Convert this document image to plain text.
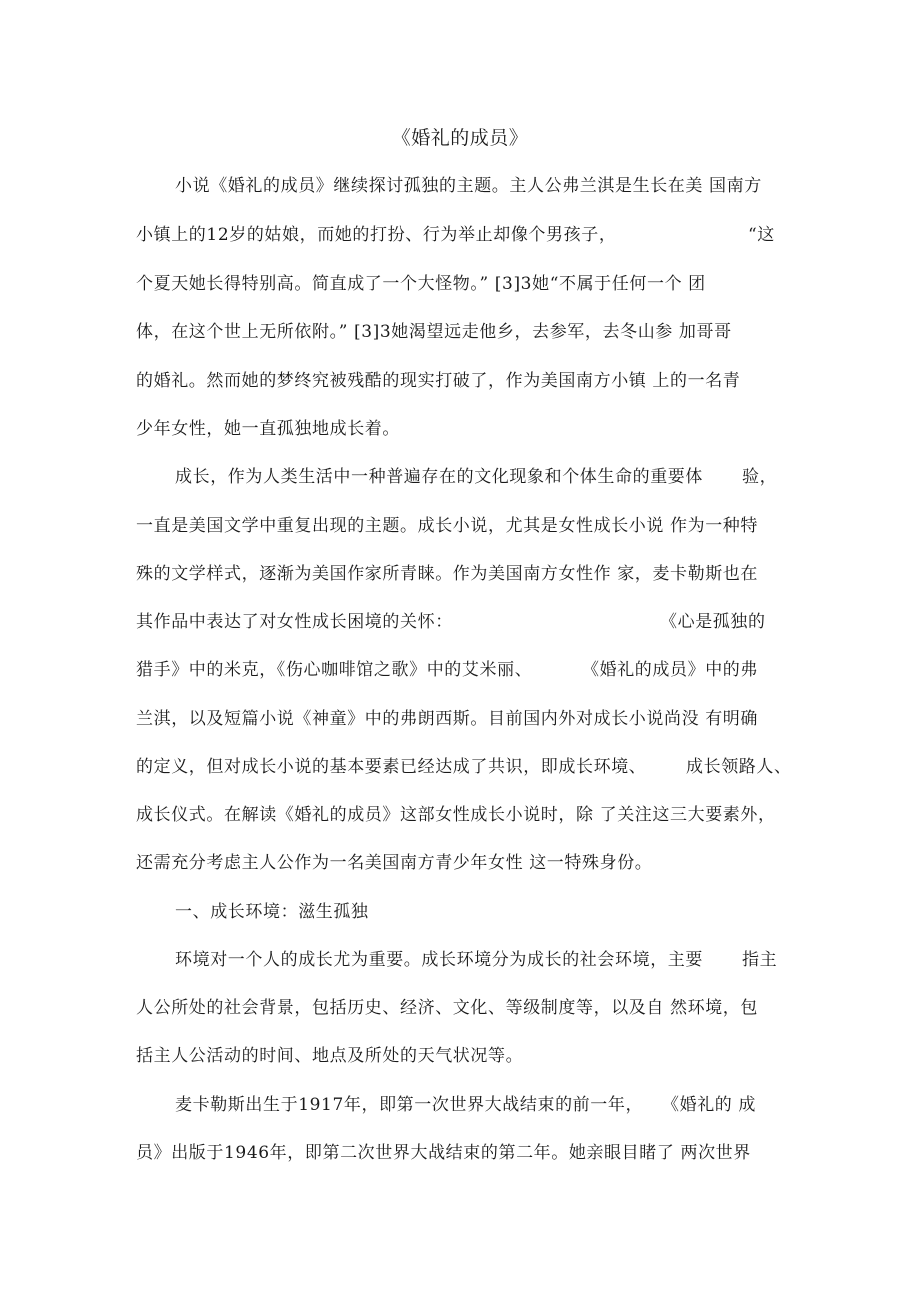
《婚礼的成员》
小说《婚礼的成员》继续探讨孤独的主题。主人公弗兰淇是生长在美 国南方
小镇上的12岁的姑娘，而她的打扮、行为举止却像个男孩子，	“这
个夏天她长得特别高。简直成了一个大怪物。” [3]3她“不属于任何一个 团
体，在这个世上无所依附。” [3]3她渴望远走他乡，去参军，去冬山参 加哥哥
的婚礼。然而她的梦终究被残酷的现实打破了，作为美国南方小镇 上的一名青
少年女性，她一直孤独地成长着。
成长，作为人类生活中一种普遍存在的文化现象和个体生命的重要体 验，
一直是美国文学中重复出现的主题。成长小说，尤其是女性成长小说 作为一种特
殊的文学样式，逐渐为美国作家所青睐。作为美国南方女性作 家，麦卡勒斯也在
其作品中表达了对女性成长困境的关怀：	《心是孤独的
猎手》中的米克，《伤心咖啡馆之歌》中的艾米丽、	《婚礼的成员》中的弗
兰淇，以及短篇小说《神童》中的弗朗西斯。目前国内外对成长小说尚没 有明确
的定义，但对成长小说的基本要素已经达成了共识，即成长环境、 成长领路人、
成长仪式。在解读《婚礼的成员》这部女性成长小说时，除 了关注这三大要素外，
还需充分考虑主人公作为一名美国南方青少年女性 这一特殊身份。
一、成长环境：滋生孤独
环境对一个人的成长尤为重要。成长环境分为成长的社会环境，主要 指主
人公所处的社会背景，包括历史、经济、文化、等级制度等，以及自 然环境，包
括主人公活动的时间、地点及所处的天气状况等。
麦卡勒斯出生于1917年，即第一次世界大战结束的前一年， 《婚礼的 成
员》出版于1946年，即第二次世界大战结束的第二年。她亲眼目睹了 两次世界
